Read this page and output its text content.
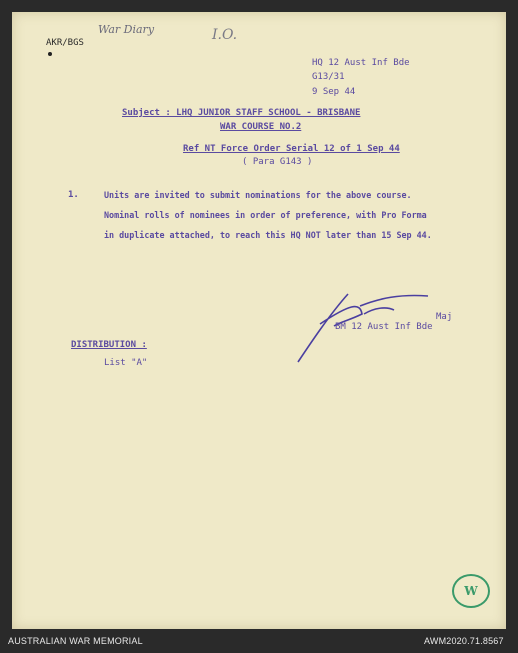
AKR/BGS
War Diary	I.O.
HQ 12 Aust Inf Bde
G13/31
9 Sep 44
Subject : LHQ JUNIOR STAFF SCHOOL - BRISBANE
WAR COURSE NO.2
Ref NT Force Order Serial 12 of 1 Sep 44
( Para G143 )
1.	Units are invited to submit nominations for the above course.
Nominal rolls of nominees in order of preference, with Pro Forma
in duplicate attached, to reach this HQ NOT later than 15 Sep 44.
Maj
BM 12 Aust Inf Bde
DISTRIBUTION :
List "A"
W
AUSTRALIAN WAR MEMORIAL	AWM2020.71.8567
